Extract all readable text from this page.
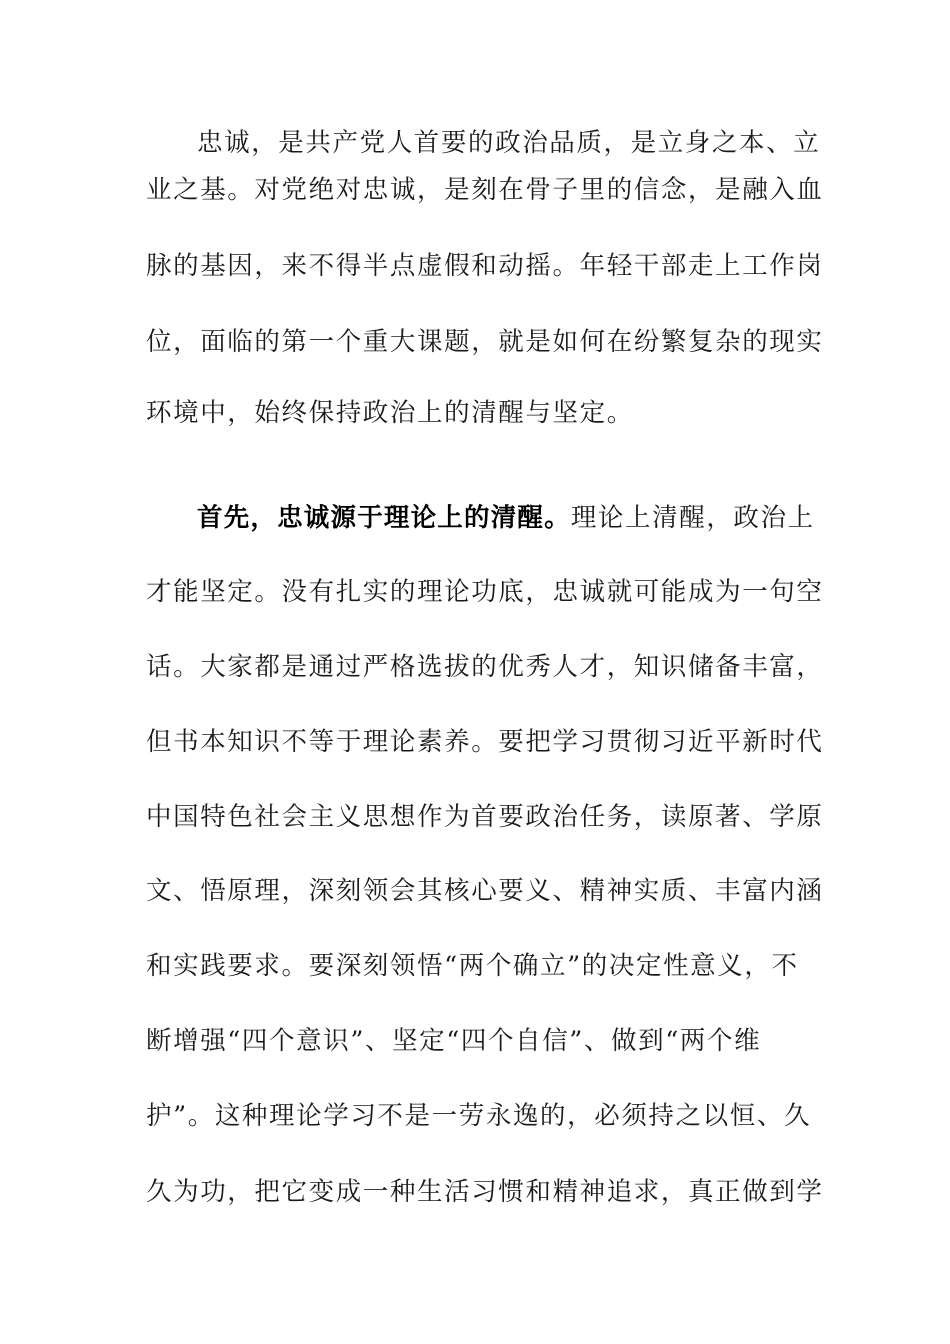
忠诚，是共产党人首要的政治品质，是立身之本、立
业之基。对党绝对忠诚，是刻在骨子里的信念，是融入血
脉的基因，来不得半点虚假和动摇。年轻干部走上工作岗
位，面临的第一个重大课题，就是如何在纷繁复杂的现实
环境中，始终保持政治上的清醒与坚定。
首先，忠诚源于理论上的清醒。理论上清醒，政治上
才能坚定。没有扎实的理论功底，忠诚就可能成为一句空
话。大家都是通过严格选拔的优秀人才，知识储备丰富，
但书本知识不等于理论素养。要把学习贯彻习近平新时代
中国特色社会主义思想作为首要政治任务，读原著、学原
文、悟原理，深刻领会其核心要义、精神实质、丰富内涵
和实践要求。要深刻领悟“两个确立”的决定性意义，不
断增强“四个意识”、坚定“四个自信”、做到“两个维
护”。这种理论学习不是一劳永逸的，必须持之以恒、久
久为功，把它变成一种生活习惯和精神追求，真正做到学
